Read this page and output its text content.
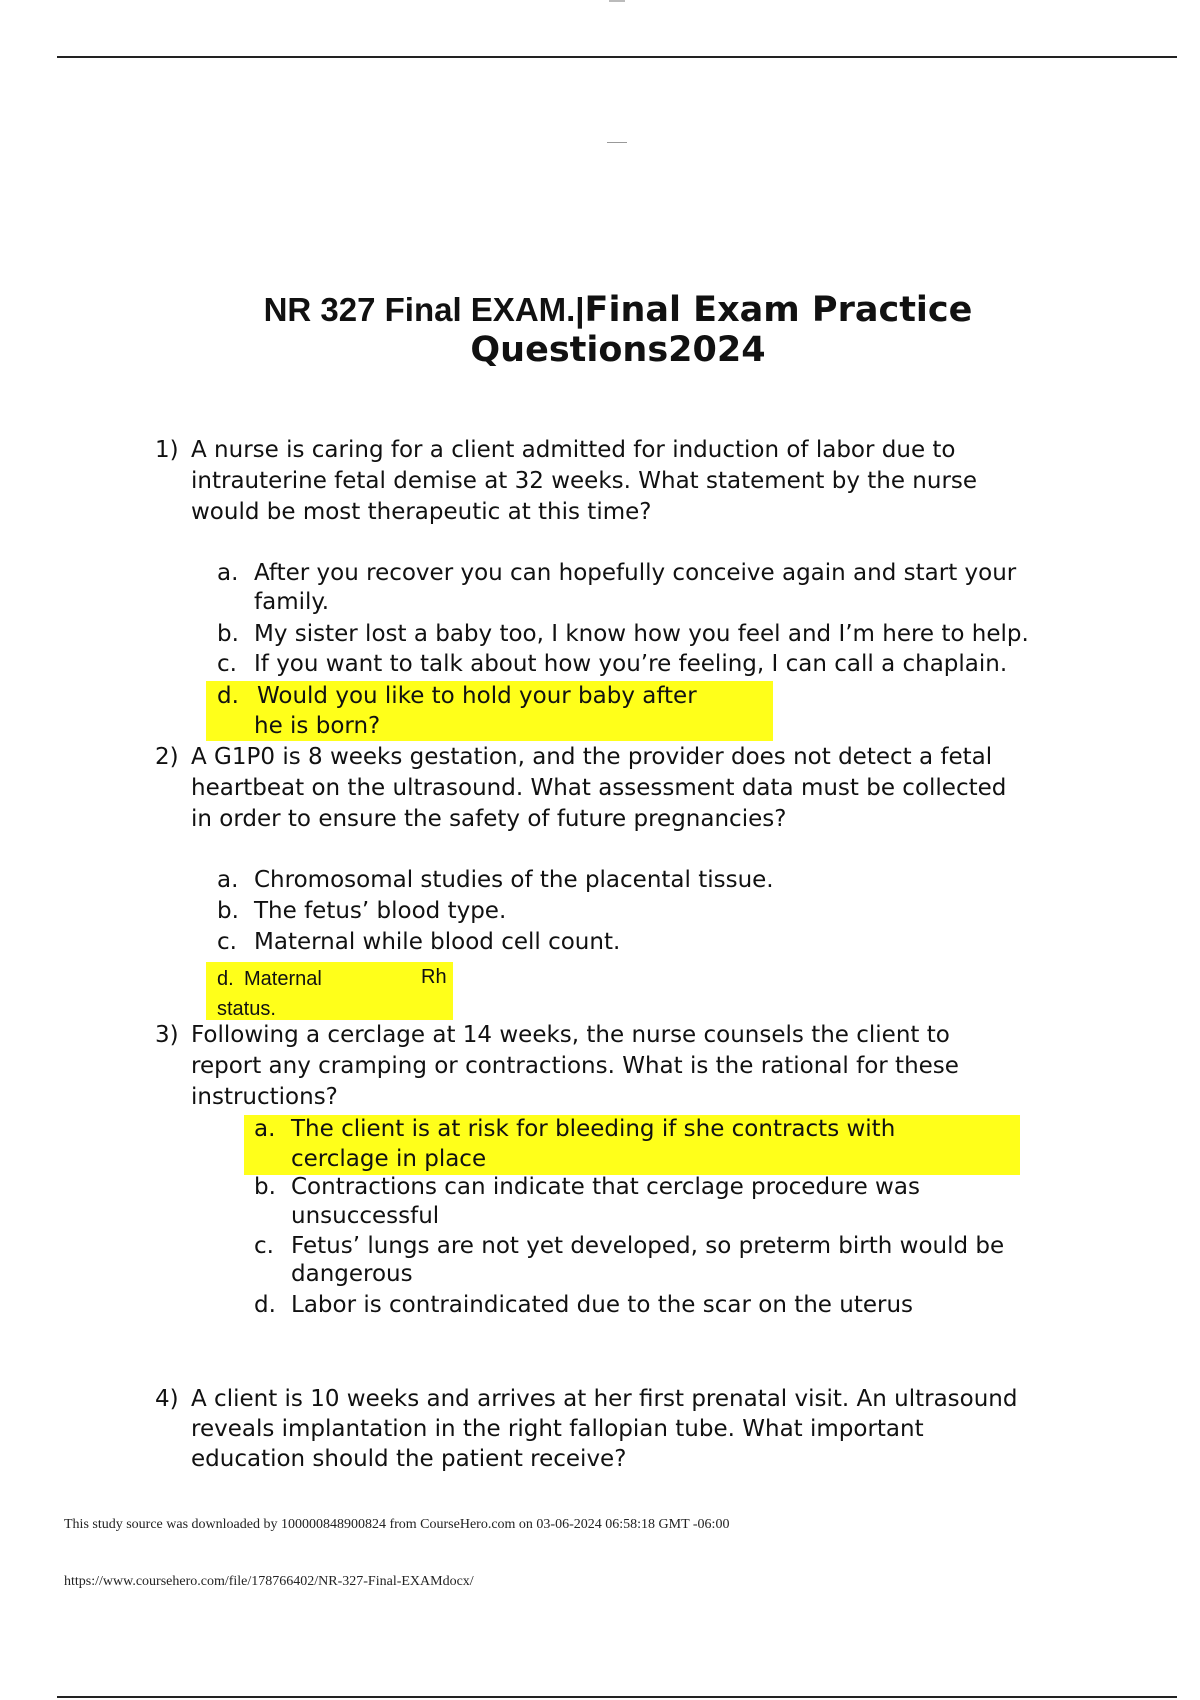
NR 327 Final EXAM.|Final Exam Practice
Questions2024
1) A nurse is caring for a client admitted for induction of labor due to
intrauterine fetal demise at 32 weeks. What statement by the nurse
would be most therapeutic at this time?
a. After you recover you can hopefully conceive again and start your
family.
b. My sister lost a baby too, I know how you feel and I’m here to help.
c. If you want to talk about how you’re feeling, I can call a chaplain.
d. Would you like to hold your baby after
he is born?
2) A G1P0 is 8 weeks gestation, and the provider does not detect a fetal
heartbeat on the ultrasound. What assessment data must be collected
in order to ensure the safety of future pregnancies?
a. Chromosomal studies of the placental tissue.
b. The fetus’ blood type.
c. Maternal while blood cell count.
d. Maternal	Rh
status.
3) Following a cerclage at 14 weeks, the nurse counsels the client to
report any cramping or contractions. What is the rational for these
instructions?
a. The client is at risk for bleeding if she contracts with
cerclage in place
b. Contractions can indicate that cerclage procedure was
unsuccessful
c. Fetus’ lungs are not yet developed, so preterm birth would be
dangerous
d. Labor is contraindicated due to the scar on the uterus
4) A client is 10 weeks and arrives at her first prenatal visit. An ultrasound
reveals implantation in the right fallopian tube. What important
education should the patient receive?
This study source was downloaded by 100000848900824 from CourseHero.com on 03-06-2024 06:58:18 GMT -06:00
https://www.coursehero.com/file/178766402/NR-327-Final-EXAMdocx/
